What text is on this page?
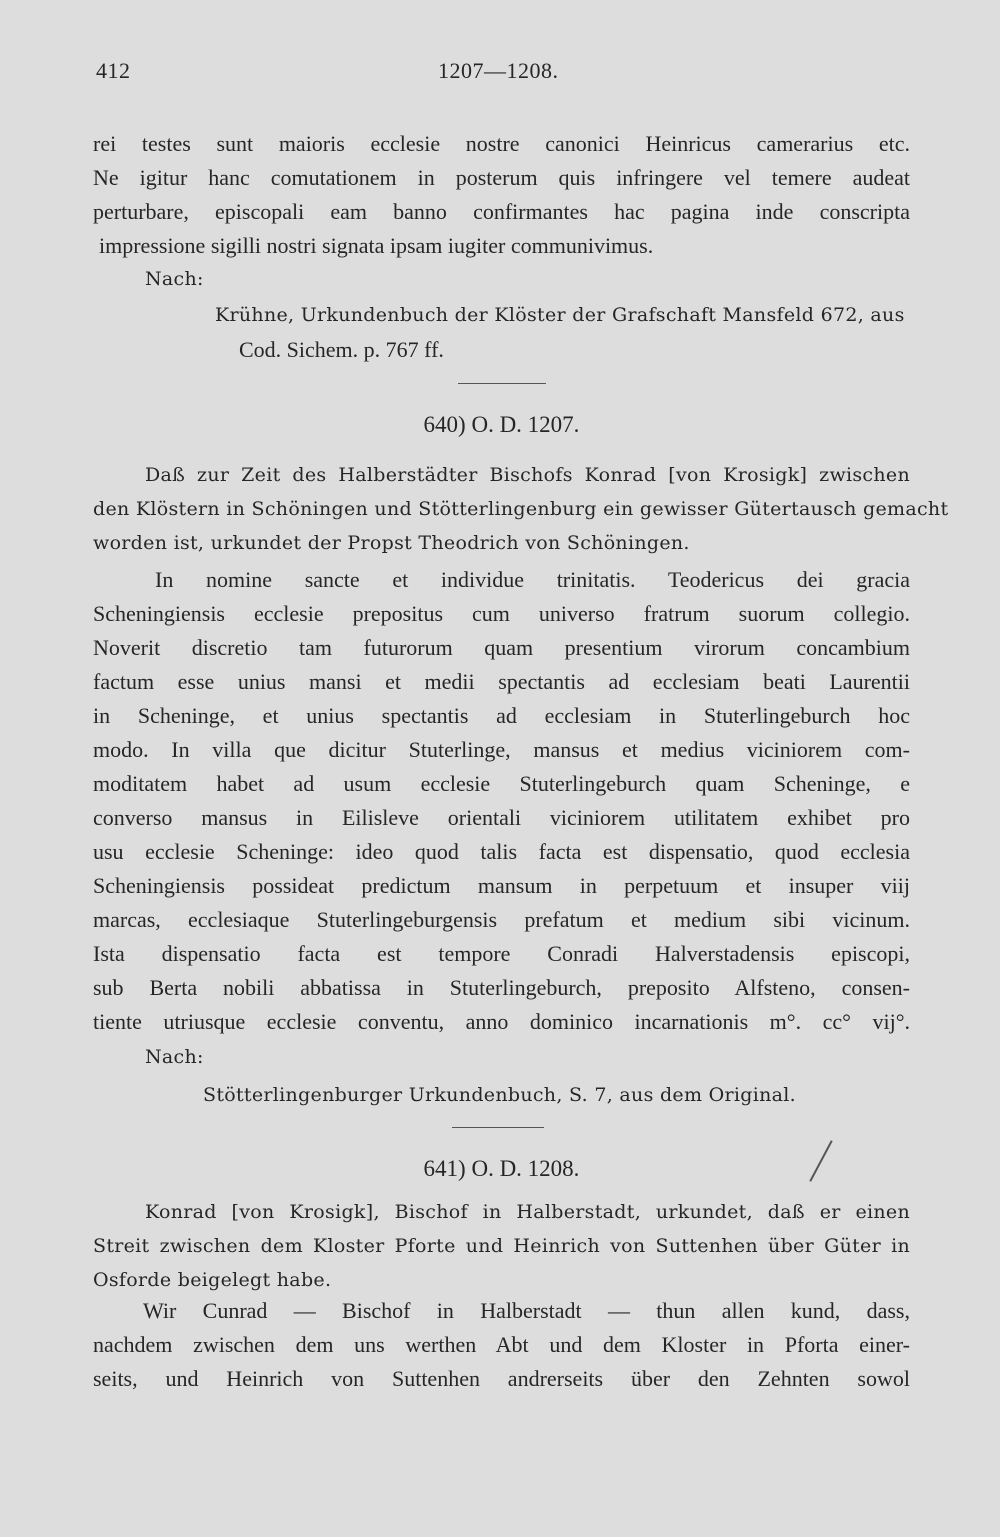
412	1207—1208.
rei testes sunt maioris ecclesie nostre canonici Heinricus camerarius etc.
Ne igitur hanc comutationem in posterum quis infringere vel temere audeat
perturbare, episcopali eam banno confirmantes hac pagina inde conscripta
impressione sigilli nostri signata ipsam iugiter communivimus.
Nach:
Krühne, Urkundenbuch der Klöster der Grafschaft Mansfeld 672, aus
Cod. Sichem. p. 767 ff.
640) O. D. 1207.
Daß zur Zeit des Halberstädter Bischofs Konrad [von Krosigk] zwischen
den Klöstern in Schöningen und Stötterlingenburg ein gewisser Gütertausch gemacht
worden ist, urkundet der Propst Theodrich von Schöningen.
In nomine sancte et individue trinitatis. Teodericus dei gracia
Scheningiensis ecclesie prepositus cum universo fratrum suorum collegio.
Noverit discretio tam futurorum quam presentium virorum concambium
factum esse unius mansi et medii spectantis ad ecclesiam beati Laurentii
in Scheninge, et unius spectantis ad ecclesiam in Stuterlingeburch hoc
modo. In villa que dicitur Stuterlinge, mansus et medius viciniorem com-
moditatem habet ad usum ecclesie Stuterlingeburch quam Scheninge, e
converso mansus in Eilisleve orientali viciniorem utilitatem exhibet pro
usu ecclesie Scheninge: ideo quod talis facta est dispensatio, quod ecclesia
Scheningiensis possideat predictum mansum in perpetuum et insuper viij
marcas, ecclesiaque Stuterlingeburgensis prefatum et medium sibi vicinum.
Ista dispensatio facta est tempore Conradi Halverstadensis episcopi,
sub Berta nobili abbatissa in Stuterlingeburch, preposito Alfsteno, consen-
tiente utriusque ecclesie conventu, anno dominico incarnationis m°. cc° vij°.
Nach:
Stötterlingenburger Urkundenbuch, S. 7, aus dem Original.
641) O. D. 1208.
Konrad [von Krosigk], Bischof in Halberstadt, urkundet, daß er einen
Streit zwischen dem Kloster Pforte und Heinrich von Suttenhen über Güter in
Osforde beigelegt habe.
Wir Cunrad — Bischof in Halberstadt — thun allen kund, dass,
nachdem zwischen dem uns werthen Abt und dem Kloster in Pforta einer-
seits, und Heinrich von Suttenhen andrerseits über den Zehnten sowol
